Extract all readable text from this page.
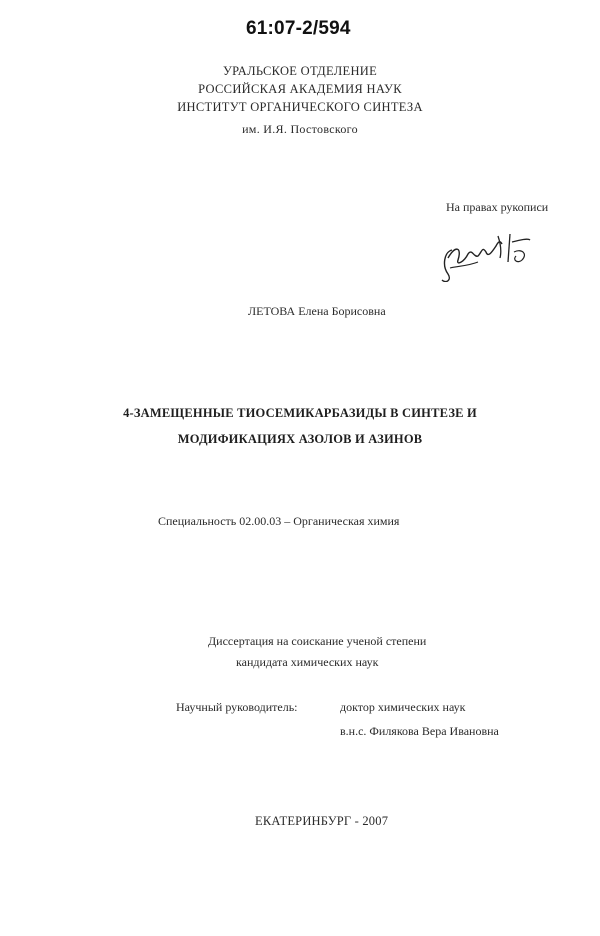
61:07-2/594
УРАЛЬСКОЕ ОТДЕЛЕНИЕ
РОССИЙСКАЯ АКАДЕМИЯ НАУК
ИНСТИТУТ ОРГАНИЧЕСКОГО СИНТЕЗА
им. И.Я. Постовского
На правах рукописи
ЛЕТОВА Елена Борисовна
4-ЗАМЕЩЕННЫЕ ТИОСЕМИКАРБАЗИДЫ В СИНТЕЗЕ И
МОДИФИКАЦИЯХ АЗОЛОВ И АЗИНОВ
Специальность 02.00.03 – Органическая химия
Диссертация на соискание ученой степени
кандидата химических наук
Научный руководитель:	доктор химических наук
в.н.с. Филякова Вера Ивановна
ЕКАТЕРИНБУРГ - 2007
